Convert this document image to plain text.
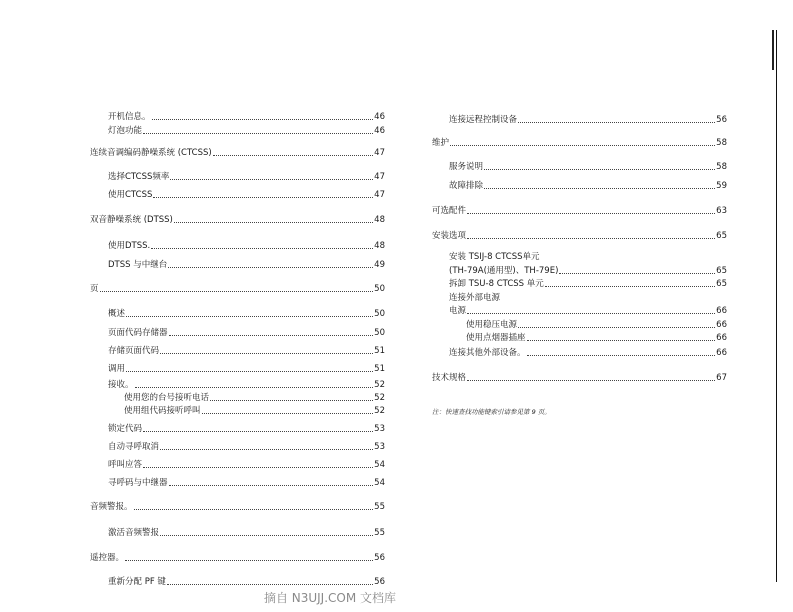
开机信息。	46
灯泡功能	46
连续音调编码静噪系统 (CTCSS)	47
选择CTCSS频率	47
使用CTCSS	47
双音静噪系统 (DTSS)	48
使用DTSS.	48
DTSS 与中继台	49
页	50
概述	50
页面代码存储器	50
存储页面代码	51
调用	51
接收。	52
使用您的台号接听电话	52
使用组代码接听呼叫	52
锁定代码	53
自动寻呼取消	53
呼叫应答	54
寻呼码与中继器	54
音频警报。	55
激活音频警报	55
遥控器。	56
重新分配 PF 键	56
连接远程控制设备	56
维护	58
服务说明	58
故障排除	59
可选配件	63
安装选项	65
安装 TSIJ-8 CTCSS单元
(TH-79A(通用型)、TH-79E)	65
拆卸 TSU-8 CTCSS 单元	65
连接外部电源
电源	66
使用稳压电源	66
使用点烟器插座	66
连接其他外部设备。	66
技术规格	67
注：快速查找功能键索引请参见第 9 页。
摘自 N3UJJ.COM 文档库
